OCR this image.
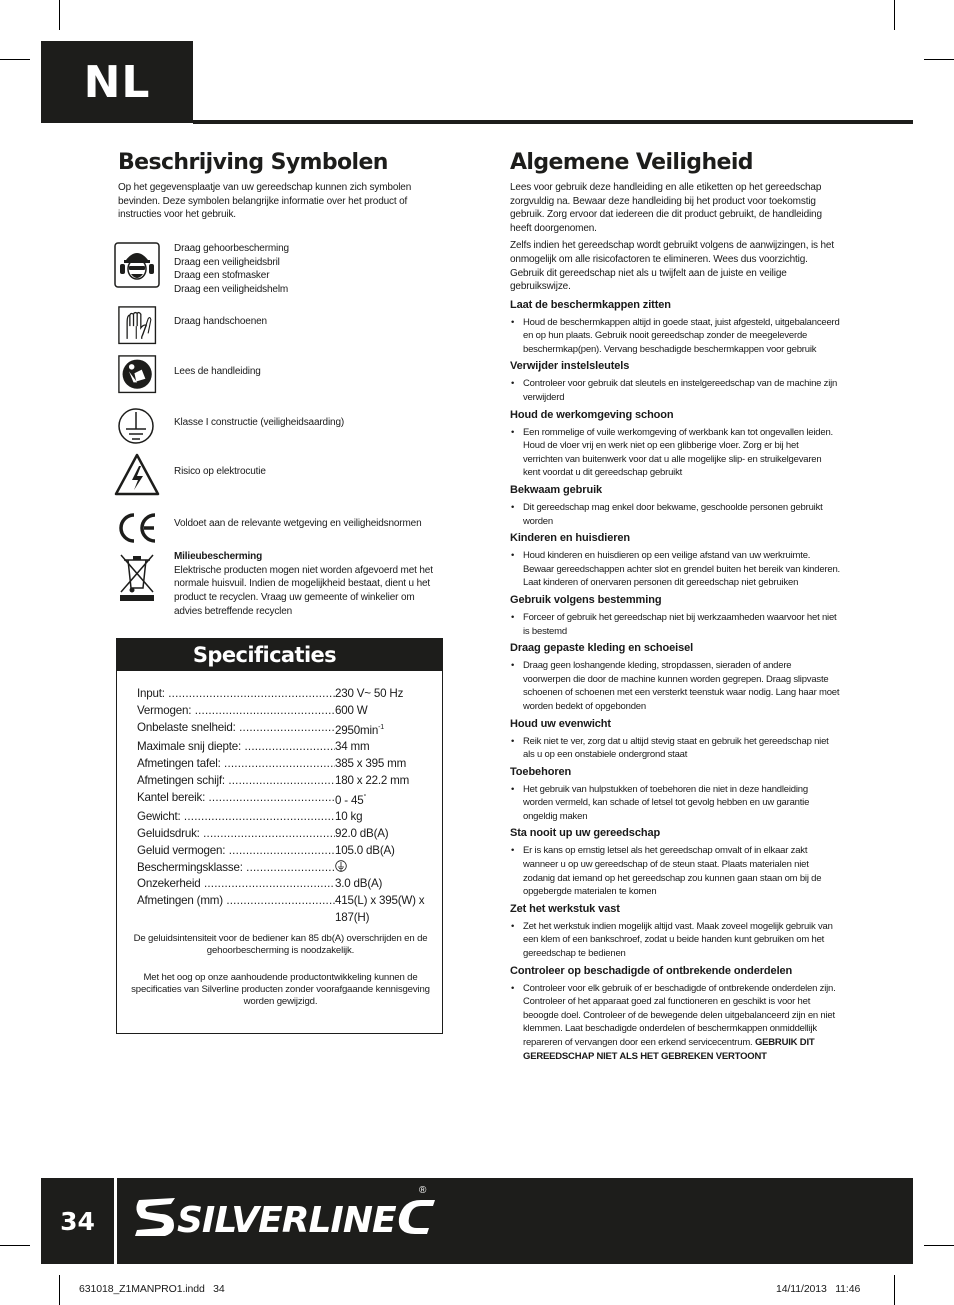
NL
Beschrijving Symbolen
Op het gegevensplaatje van uw gereedschap kunnen zich symbolen bevinden. Deze symbolen belangrijke informatie over het product of instructies voor het gebruik.
Draag gehoorbescherming
Draag een veiligheidsbril
Draag een stofmasker
Draag een veiligheidshelm
Draag handschoenen
Lees de handleiding
Klasse I constructie (veiligheidsaarding)
Risico op elektrocutie
Voldoet aan de relevante wetgeving en veiligheidsnormen
Milieubescherming
Elektrische producten mogen niet worden afgevoerd met het normale huisvuil. Indien de mogelijkheid bestaat, dient u het product te recyclen. Vraag uw gemeente of winkelier om advies betreffende recyclen
Specificaties
Input: .....	230 V~ 50 Hz
Vermogen: .....	600 W
Onbelaste snelheid: .....	$2950\min^{-1}$
Maximale snij diepte: .....	34 mm
Afmetingen tafel: .....	385 x 395 mm
Afmetingen schijf: .....	180 x 22.2 mm
Kantel bereik: .....	0 - 45°
Gewicht: .....	10 kg
Geluidsdruk: .....	92.0 dB(A)
Geluid vermogen: .....	105.0 dB(A)
Beschermingsklasse: .....
Onzekerheid .....	3.0 dB(A)
Afmetingen (mm) .....	415(L) x 395(W) x 187(H)
De geluidsintensiteit voor de bediener kan 85 db(A) overschrijden en de gehoorbescherming is noodzakelijk.
Met het oog op onze aanhoudende productontwikkeling kunnen de specificaties van Silverline producten zonder voorafgaande kennisgeving worden gewijzigd.
Algemene Veiligheid

Lees voor gebruik deze handleiding en alle etiketten op het gereedschap zorgvuldig na. Bewaar deze handleiding bij het product voor toekomstig gebruik. Zorg ervoor dat iedereen die dit product gebruikt, de handleiding heeft doorgenomen.

Zelfs indien het gereedschap wordt gebruikt volgens de aanwijzingen, is het onmogelijk om alle risicofactoren te elimineren. Wees dus voorzichtig. Gebruik dit gereedschap niet als u twijfelt aan de juiste en veilige gebruikswijze.

Laat de beschermkappen zitten
• Houd de beschermkappen altijd in goede staat, juist afgesteld, uitgebalanceerd en op hun plaats. Gebruik nooit gereedschap zonder de meegeleverde beschermkap(pen). Vervang beschadigde beschermkappen voor gebruik
Verwijder instelsleutels
• Controleer voor gebruik dat sleutels en instelgereedschap van de machine zijn verwijderd
Houd de werkomgeving schoon
• Een rommelige of vuile werkomgeving of werkbank kan tot ongevallen leiden. Houd de vloer vrij en werk niet op een glibberige vloer. Zorg er bij het verrichten van buitenwerk voor dat u alle mogelijke slip- en struikelgevaren kent voordat u dit gereedschap gebruikt
Bekwaam gebruik
• Dit gereedschap mag enkel door bekwame, geschoolde personen gebruikt worden
Kinderen en huisdieren
• Houd kinderen en huisdieren op een veilige afstand van uw werkruimte. Bewaar gereedschappen achter slot en grendel buiten het bereik van kinderen. Laat kinderen of onervaren personen dit gereedschap niet gebruiken
Gebruik volgens bestemming
• Forceer of gebruik het gereedschap niet bij werkzaamheden waarvoor het niet is bestemd
Draag gepaste kleding en schoeisel
• Draag geen loshangende kleding, stropdassen, sieraden of andere voorwerpen die door de machine kunnen worden gegrepen. Draag slipvaste schoenen of schoenen met een versterkt teenstuk waar nodig. Lang haar moet worden bedekt of opgebonden
Houd uw evenwicht
• Reik niet te ver, zorg dat u altijd stevig staat en gebruik het gereedschap niet als u op een onstabiele ondergrond staat
Toebehoren
• Het gebruik van hulpstukken of toebehoren die niet in deze handleiding worden vermeld, kan schade of letsel tot gevolg hebben en uw garantie ongeldig maken
Sta nooit up uw gereedschap
• Er is kans op ernstig letsel als het gereedschap omvalt of in elkaar zakt wanneer u op uw gereedschap of de steun staat. Plaats materialen niet zodanig dat iemand op het gereedschap zou kunnen gaan staan om bij de opgebergde materialen te komen
Zet het werkstuk vast
• Zet het werkstuk indien mogelijk altijd vast. Maak zoveel mogelijk gebruik van een klem of een bankschroef, zodat u beide handen kunt gebruiken om het gereedschap te bedienen
Controleer op beschadigde of ontbrekende onderdelen
• Controleer voor elk gebruik of er beschadigde of ontbrekende onderdelen zijn. Controleer of het apparaat goed zal functioneren en geschikt is voor het beoogde doel. Controleer of de bewegende delen uitgebalanceerd zijn en niet klemmen. Laat beschadigde onderdelen of beschermkappen onmiddellijk repareren of vervangen door een erkend servicecentrum. GEBRUIK DIT GEREEDSCHAP NIET ALS HET GEBREKEN VERTOONT
34	SILVERLINE
®
631018_Z1MANPRO1.indd   34	14/11/2013   11:46
